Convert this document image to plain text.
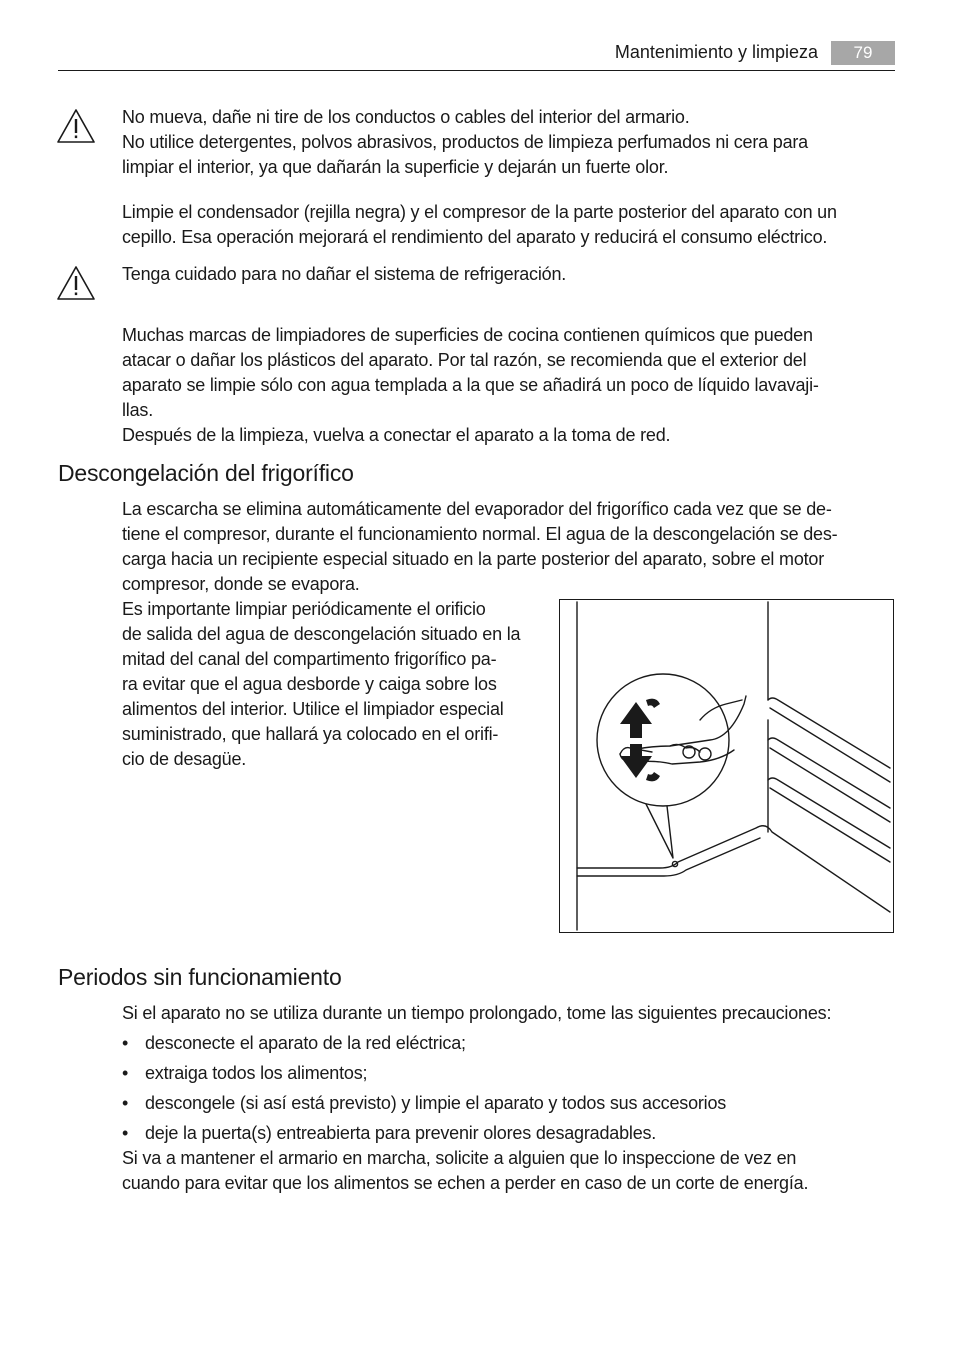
Mantenimiento y limpieza	79
No mueva, dañe ni tire de los conductos o cables del interior del armario.
No utilice detergentes, polvos abrasivos, productos de limpieza perfumados ni cera para
limpiar el interior, ya que dañarán la superficie y dejarán un fuerte olor.
Limpie el condensador (rejilla negra) y el compresor de la parte posterior del aparato con un
cepillo. Esa operación mejorará el rendimiento del aparato y reducirá el consumo eléctrico.
Tenga cuidado para no dañar el sistema de refrigeración.
Muchas marcas de limpiadores de superficies de cocina contienen químicos que pueden
atacar o dañar los plásticos del aparato. Por tal razón, se recomienda que el exterior del
aparato se limpie sólo con agua templada a la que se añadirá un poco de líquido lavavaji-
llas.
Después de la limpieza, vuelva a conectar el aparato a la toma de red.
Descongelación del frigorífico
La escarcha se elimina automáticamente del evaporador del frigorífico cada vez que se de-
tiene el compresor, durante el funcionamiento normal. El agua de la descongelación se des-
carga hacia un recipiente especial situado en la parte posterior del aparato, sobre el motor
compresor, donde se evapora.
Es importante limpiar periódicamente el orificio
de salida del agua de descongelación situado en la
mitad del canal del compartimento frigorífico pa-
ra evitar que el agua desborde y caiga sobre los
alimentos del interior. Utilice el limpiador especial
suministrado, que hallará ya colocado en el orifi-
cio de desagüe.
Periodos sin funcionamiento
Si el aparato no se utiliza durante un tiempo prolongado, tome las siguientes precauciones:
• desconecte el aparato de la red eléctrica;
• extraiga todos los alimentos;
• descongele (si así está previsto) y limpie el aparato y todos sus accesorios
• deje la puerta(s) entreabierta para prevenir olores desagradables.
Si va a mantener el armario en marcha, solicite a alguien que lo inspeccione de vez en
cuando para evitar que los alimentos se echen a perder en caso de un corte de energía.
